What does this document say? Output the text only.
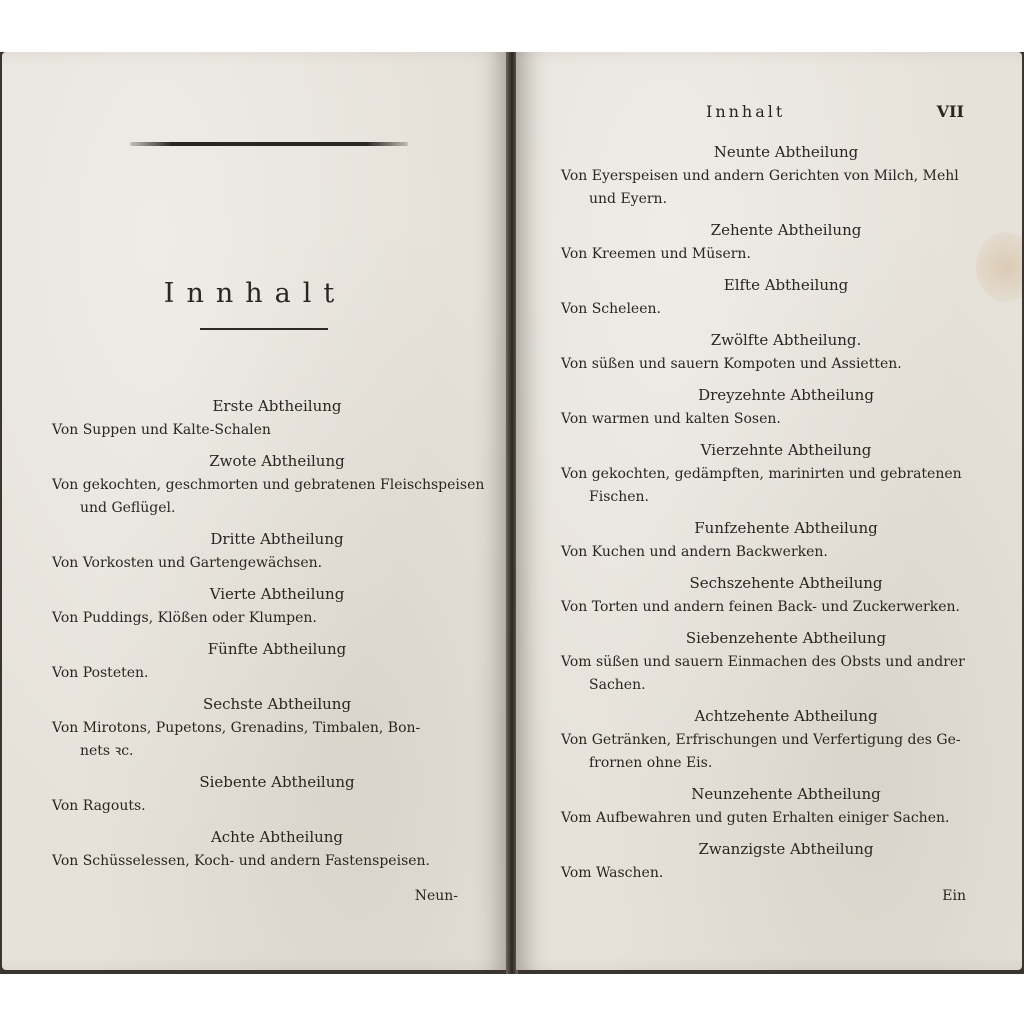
Innhalt
Erste Abtheilung
Von Suppen und Kalte-Schalen
Zwote Abtheilung
Von gekochten, geschmorten und gebratenen Fleischspeisen
und Geflügel.
Dritte Abtheilung
Von Vorkosten und Gartengewächsen.
Vierte Abtheilung
Von Puddings, Klößen oder Klumpen.
Fünfte Abtheilung
Von Posteten.
Sechste Abtheilung
Von Mirotons, Pupetons, Grenadins, Timbalen, Bon-
nets ꝛc.
Siebente Abtheilung
Von Ragouts.
Achte Abtheilung
Von Schüsselessen, Koch- und andern Fastenspeisen.
Neun-
Innhalt	VII
Neunte Abtheilung
Von Eyerspeisen und andern Gerichten von Milch, Mehl
und Eyern.
Zehente Abtheilung
Von Kreemen und Müsern.
Elfte Abtheilung
Von Scheleen.
Zwölfte Abtheilung.
Von süßen und sauern Kompoten und Assietten.
Dreyzehnte Abtheilung
Von warmen und kalten Sosen.
Vierzehnte Abtheilung
Von gekochten, gedämpften, marinirten und gebratenen
Fischen.
Funfzehente Abtheilung
Von Kuchen und andern Backwerken.
Sechszehente Abtheilung
Von Torten und andern feinen Back- und Zuckerwerken.
Siebenzehente Abtheilung
Vom süßen und sauern Einmachen des Obsts und andrer
Sachen.
Achtzehente Abtheilung
Von Getränken, Erfrischungen und Verfertigung des Ge-
frornen ohne Eis.
Neunzehente Abtheilung
Vom Aufbewahren und guten Erhalten einiger Sachen.
Zwanzigste Abtheilung
Vom Waschen.
Ein
